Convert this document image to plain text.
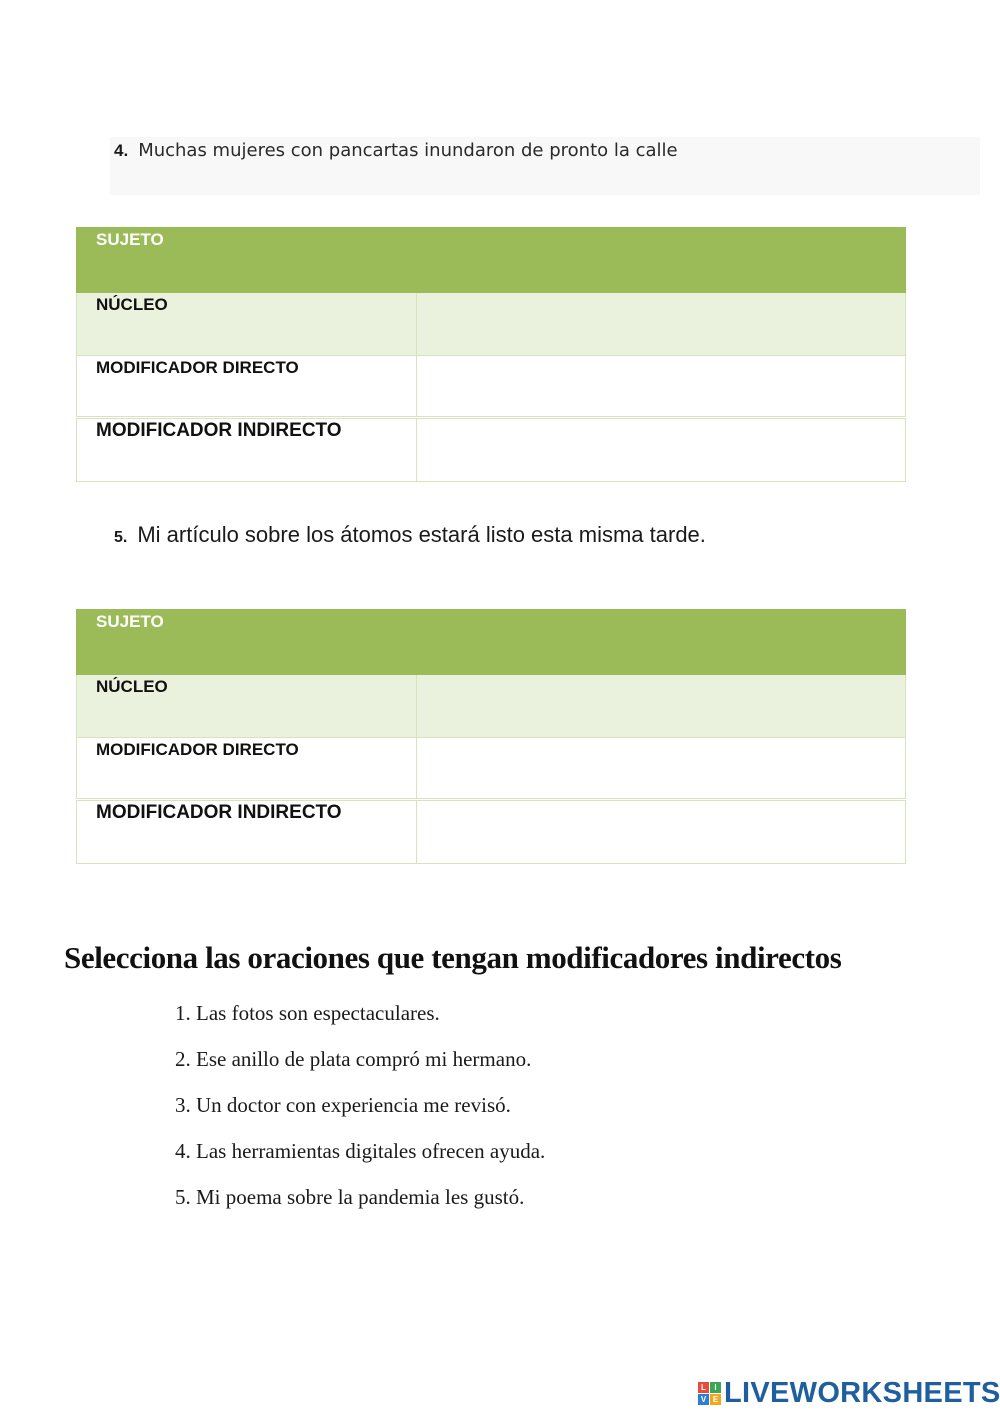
4. Muchas mujeres con pancartas inundaron de pronto la calle
SUJETO
NÚCLEO
MODIFICADOR DIRECTO
MODIFICADOR INDIRECTO
5. Mi artículo sobre los átomos estará listo esta misma tarde.
SUJETO
NÚCLEO
MODIFICADOR DIRECTO
MODIFICADOR INDIRECTO
Selecciona las oraciones que tengan modificadores indirectos
1. Las fotos son espectaculares.
2. Ese anillo de plata compró mi hermano.
3. Un doctor con experiencia me revisó.
4. Las herramientas digitales ofrecen ayuda.
5. Mi poema sobre la pandemia les gustó.
L	I
V E LIVEWORKSHEETS
